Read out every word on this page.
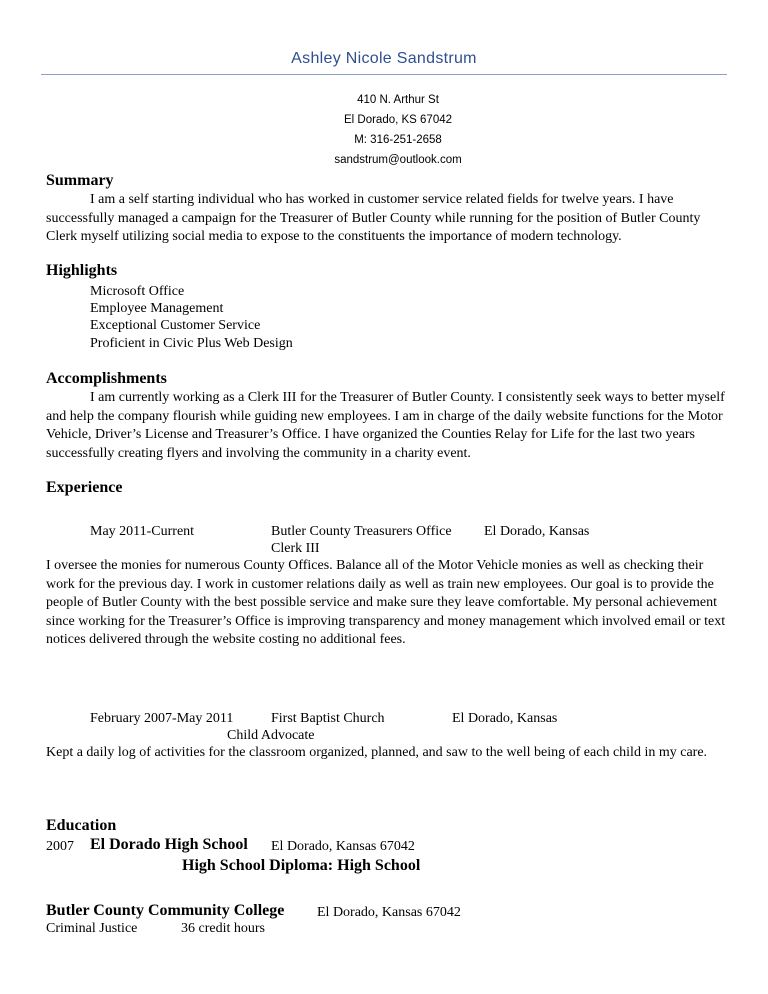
Ashley Nicole Sandstrum
410 N. Arthur St
El Dorado, KS 67042
M: 316-251-2658
sandstrum@outlook.com
Summary
I am a self starting individual who has worked in customer service related fields for twelve years. I have successfully managed a campaign for the Treasurer of Butler County while running for the position of Butler County Clerk myself utilizing social media to expose to the constituents the importance of modern technology.
Highlights
Microsoft Office
Employee Management
Exceptional Customer Service
Proficient in Civic Plus Web Design
Accomplishments
I am currently working as a Clerk III for the Treasurer of Butler County. I consistently seek ways to better myself and help the company flourish while guiding new employees. I am in charge of the daily website functions for the Motor Vehicle, Driver’s License and Treasurer’s Office. I have organized the Counties Relay for Life for the last two years successfully creating flyers and involving the community in a charity event.
Experience
May 2011-Current	Butler County Treasurers Office El Dorado, Kansas
Clerk III
I oversee the monies for numerous County Offices. Balance all of the Motor Vehicle monies as well as checking their work for the previous day. I work in customer relations daily as well as train new employees. Our goal is to provide the people of Butler County with the best possible service and make sure they leave comfortable. My personal achievement since working for the Treasurer’s Office is improving transparency and money management which involved email or text notices delivered through the website costing no additional fees.
February 2007-May 2011	First Baptist Church	El Dorado, Kansas
Child Advocate
Kept a daily log of activities for the classroom organized, planned, and saw to the well being of each child in my care.
Education
2007 El Dorado High School El Dorado, Kansas 67042
High School Diploma: High School
Butler County Community College El Dorado, Kansas 67042
Criminal Justice	36 credit hours
